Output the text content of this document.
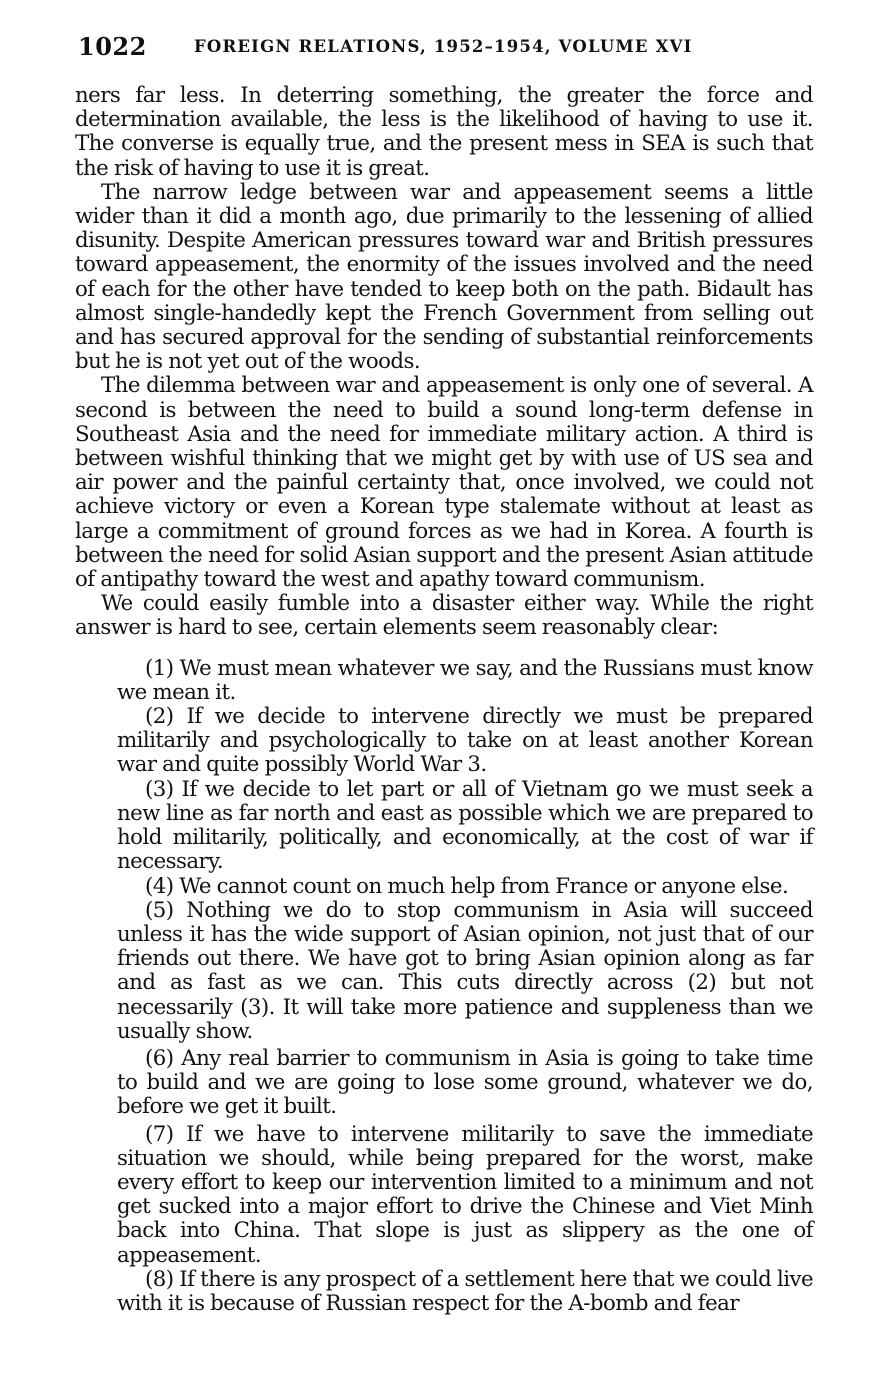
1022	FOREIGN RELATIONS, 1952–1954, VOLUME XVI

ners far less. In deterring something, the greater the force and determination available, the less is the likelihood of having to use it. The converse is equally true, and the present mess in SEA is such that the risk of having to use it is great.

The narrow ledge between war and appeasement seems a little wider than it did a month ago, due primarily to the lessening of allied disunity. Despite American pressures toward war and British pressures toward appeasement, the enormity of the issues involved and the need of each for the other have tended to keep both on the path. Bidault has almost single-handedly kept the French Government from selling out and has secured approval for the sending of substantial reinforcements but he is not yet out of the woods.

The dilemma between war and appeasement is only one of several. A second is between the need to build a sound long-term defense in Southeast Asia and the need for immediate military action. A third is between wishful thinking that we might get by with use of US sea and air power and the painful certainty that, once involved, we could not achieve victory or even a Korean type stalemate without at least as large a commitment of ground forces as we had in Korea. A fourth is between the need for solid Asian support and the present Asian attitude of antipathy toward the west and apathy toward communism.

We could easily fumble into a disaster either way. While the right answer is hard to see, certain elements seem reasonably clear:

(1) We must mean whatever we say, and the Russians must know we mean it.

(2) If we decide to intervene directly we must be prepared militarily and psychologically to take on at least another Korean war and quite possibly World War 3.

(3) If we decide to let part or all of Vietnam go we must seek a new line as far north and east as possible which we are prepared to hold militarily, politically, and economically, at the cost of war if necessary.

(4) We cannot count on much help from France or anyone else.

(5) Nothing we do to stop communism in Asia will succeed unless it has the wide support of Asian opinion, not just that of our friends out there. We have got to bring Asian opinion along as far and as fast as we can. This cuts directly across (2) but not necessarily (3). It will take more patience and suppleness than we usually show.

(6) Any real barrier to communism in Asia is going to take time to build and we are going to lose some ground, whatever we do, before we get it built.

(7) If we have to intervene militarily to save the immediate situation we should, while being prepared for the worst, make every effort to keep our intervention limited to a minimum and not get sucked into a major effort to drive the Chinese and Viet Minh back into China. That slope is just as slippery as the one of appeasement.

(8) If there is any prospect of a settlement here that we could live with it is because of Russian respect for the A-bomb and fear
